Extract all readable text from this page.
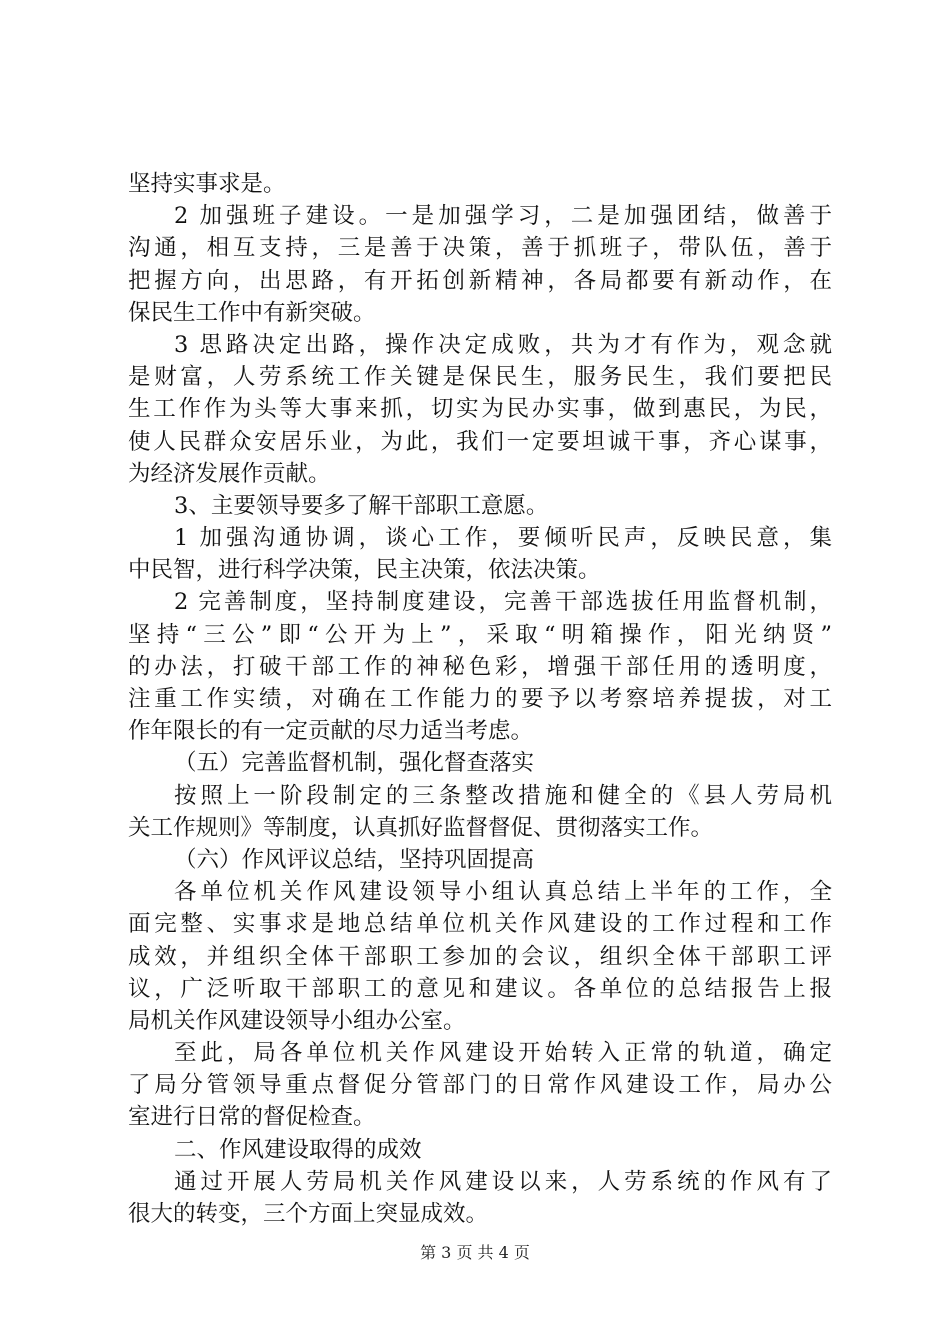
坚持实事求是。
2 加强班子建设。一是加强学习，二是加强团结，做善于
沟通，相互支持，三是善于决策，善于抓班子，带队伍，善于
把握方向，出思路，有开拓创新精神，各局都要有新动作，在
保民生工作中有新突破。
3 思路决定出路，操作决定成败，共为才有作为，观念就
是财富，人劳系统工作关键是保民生，服务民生，我们要把民
生工作作为头等大事来抓，切实为民办实事，做到惠民，为民，
使人民群众安居乐业，为此，我们一定要坦诚干事，齐心谋事，
为经济发展作贡献。
3、主要领导要多了解干部职工意愿。
1 加强沟通协调，谈心工作，要倾听民声，反映民意，集
中民智，进行科学决策，民主决策，依法决策。
2 完善制度，坚持制度建设，完善干部选拔任用监督机制，
坚持“三公”即“公开为上”，采取“明箱操作，阳光纳贤”
的办法，打破干部工作的神秘色彩，增强干部任用的透明度，
注重工作实绩，对确在工作能力的要予以考察培养提拔，对工
作年限长的有一定贡献的尽力适当考虑。
（五）完善监督机制，强化督查落实
按照上一阶段制定的三条整改措施和健全的《县人劳局机
关工作规则》等制度，认真抓好监督督促、贯彻落实工作。
（六）作风评议总结，坚持巩固提高
各单位机关作风建设领导小组认真总结上半年的工作，全
面完整、实事求是地总结单位机关作风建设的工作过程和工作
成效，并组织全体干部职工参加的会议，组织全体干部职工评
议，广泛听取干部职工的意见和建议。各单位的总结报告上报
局机关作风建设领导小组办公室。
至此，局各单位机关作风建设开始转入正常的轨道，确定
了局分管领导重点督促分管部门的日常作风建设工作，局办公
室进行日常的督促检查。
二、作风建设取得的成效
通过开展人劳局机关作风建设以来，人劳系统的作风有了
很大的转变，三个方面上突显成效。
第 3 页 共 4 页
